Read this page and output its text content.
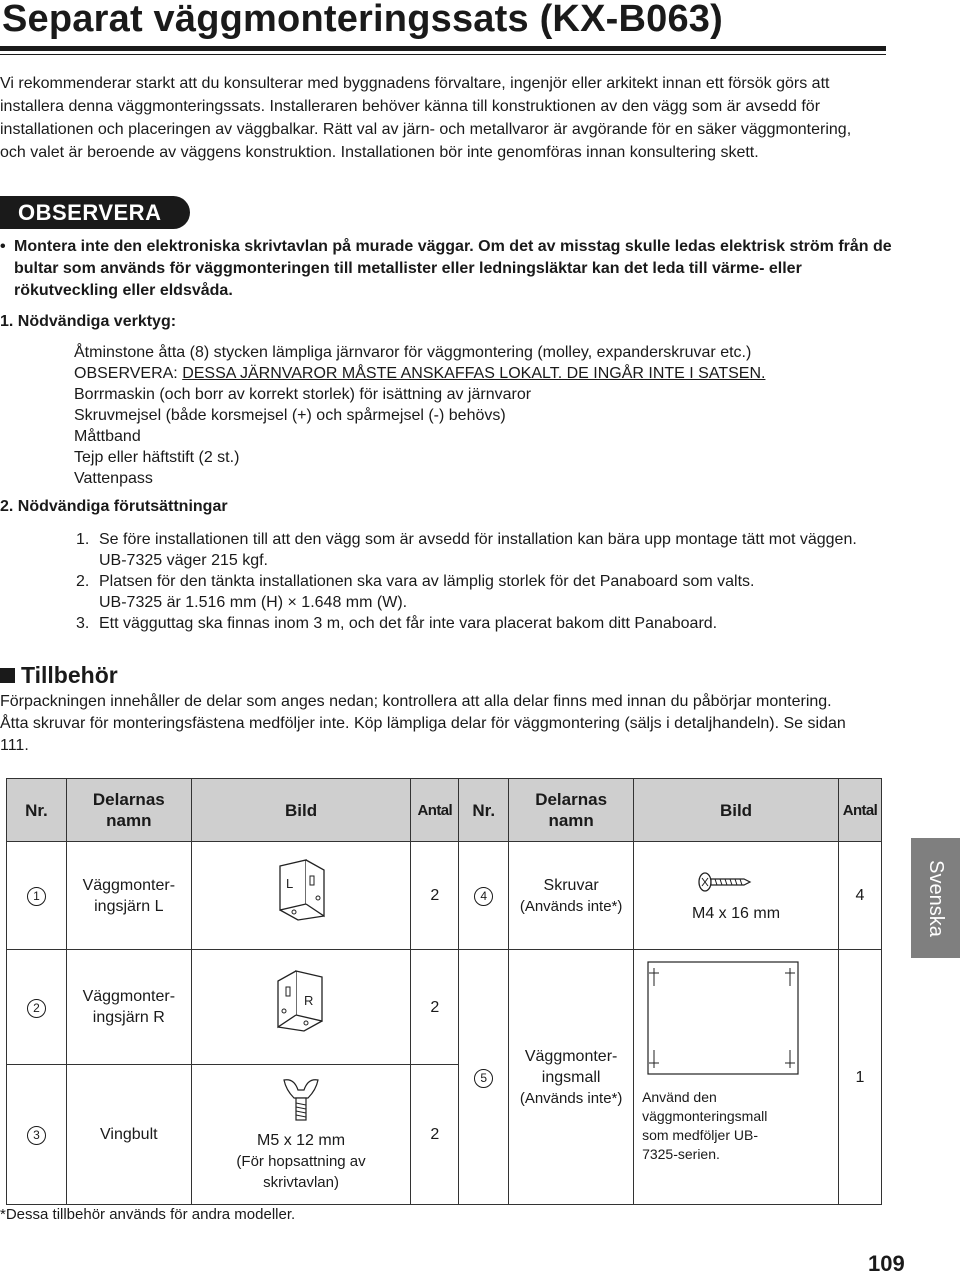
Separat väggmonteringssats (KX-B063)

Vi rekommenderar starkt att du konsulterar med byggnadens förvaltare, ingenjör eller arkitekt innan ett försök görs att installera denna väggmonteringssats. Installeraren behöver känna till konstruktionen av den vägg som är avsedd för installationen och placeringen av väggbalkar. Rätt val av järn- och metallvaror är avgörande för en säker väggmontering, och valet är beroende av väggens konstruktion. Installationen bör inte genomföras innan konsultering skett.

OBSERVERA

• Montera inte den elektroniska skrivtavlan på murade väggar. Om det av misstag skulle ledas elektrisk ström från de bultar som används för väggmonteringen till metallister eller ledningsläktar kan det leda till värme- eller rökutveckling eller eldsvåda.

1. Nödvändiga verktyg:
Åtminstone åtta (8) stycken lämpliga järnvaror för väggmontering (molley, expanderskruvar etc.)
OBSERVERA: DESSA JÄRNVAROR MÅSTE ANSKAFFAS LOKALT. DE INGÅR INTE I SATSEN.
Borrmaskin (och borr av korrekt storlek) för isättning av järnvaror
Skruvmejsel (både korsmejsel (+) och spårmejsel (-) behövs)
Måttband
Tejp eller häftstift (2 st.)
Vattenpass
2. Nödvändiga förutsättningar
1. Se före installationen till att den vägg som är avsedd för installation kan bära upp montage tätt mot väggen.
UB-7325 väger 215 kgf.
2. Platsen för den tänkta installationen ska vara av lämplig storlek för det Panaboard som valts.
UB-7325 är 1.516 mm (H) × 1.648 mm (W).
3. Ett vägguttag ska finnas inom 3 m, och det får inte vara placerat bakom ditt Panaboard.
Tillbehör

Förpackningen innehåller de delar som anges nedan; kontrollera att alla delar finns med innan du påbörjar montering. Åtta skruvar för monteringsfästena medföljer inte. Köp lämpliga delar för väggmontering (säljs i detaljhandeln). Se sidan 111.

Nr.	Delarnas
namn	Bild	Antal	Nr.	Delarnas
namn	Bild	Antal
1	Väggmonter-
ingsjärn L	L	2	4	Skruvar
(Används inte*)	M4 x 16 mm	4
2	Väggmonter-
ingsjärn R	R	2	5	Väggmonter-
ingsmall
(Används inte*)	Använd den väggmonteringsmall som medföljer UB-7325-serien.	1
3	Vingbult	M5 x 12 mm
(För hopsattning av
skrivtavlan)	2				
*Dessa tillbehör används för andra modeller.
Svenska
109
